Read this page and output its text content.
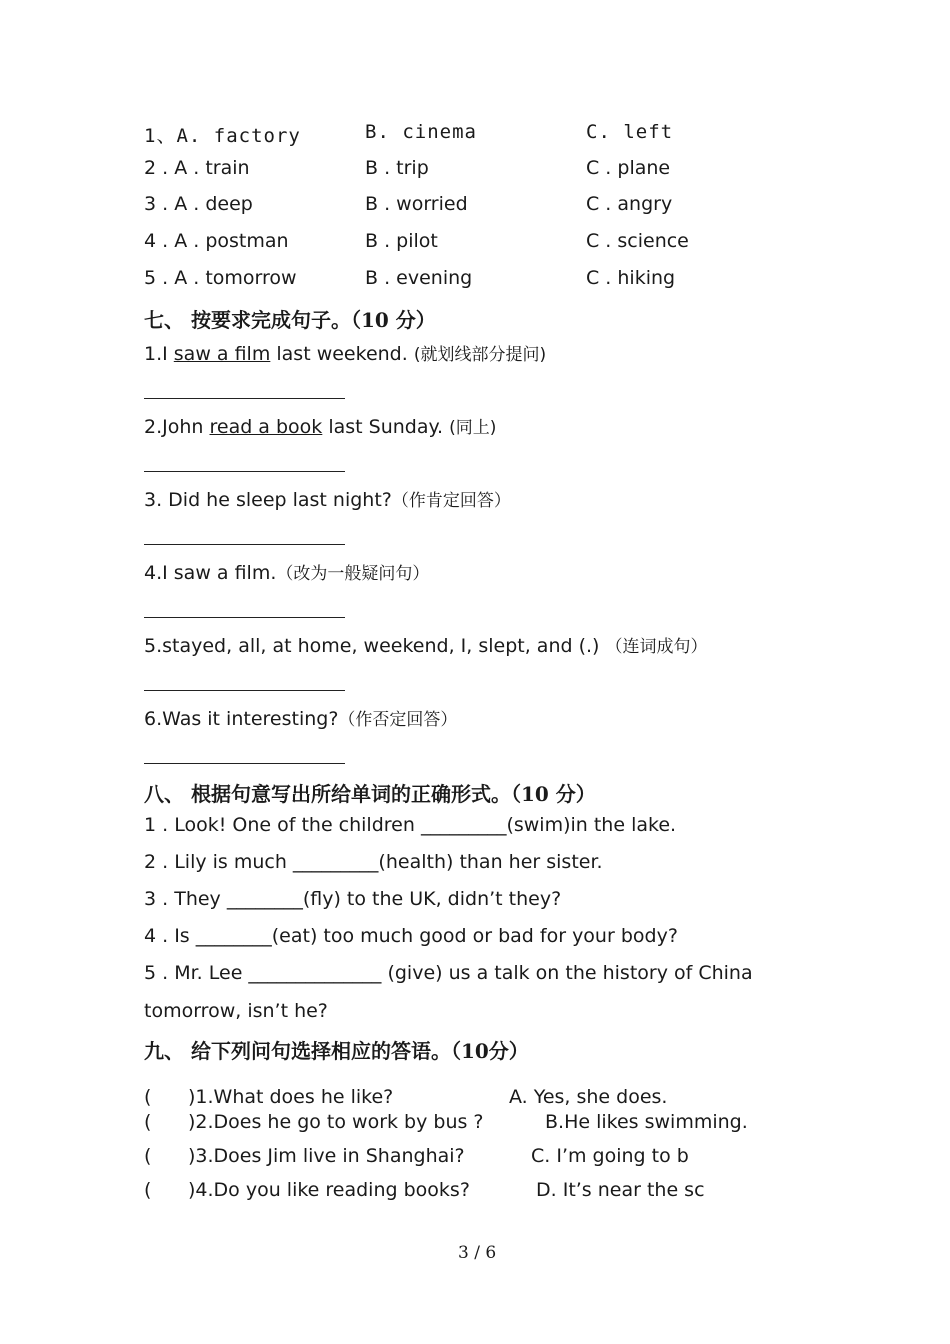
1、A. factory	B. cinema	C. left
2 . A . train	B . trip	C . plane
3 . A . deep	B . worried	C . angry
4 . A . postman	B . pilot	C . science
5 . A . tomorrow	B . evening	C . hiking
七、 按要求完成句子。（10 分）
1.I saw a film last weekend. (就划线部分提问)
2.John read a book last Sunday. (同上)
3. Did he sleep last night?（作肯定回答）
4.I saw a film.（改为一般疑问句）
5.stayed, all, at home, weekend, I, slept, and (.) （连词成句）
6.Was it interesting?（作否定回答）
八、 根据句意写出所给单词的正确形式。（10 分）
1 . Look! One of the children _________(swim)in the lake.
2 . Lily is much _________(health) than her sister.
3 . They ________(fly) to the UK, didn’t they?
4 . Is ________(eat) too much good or bad for your body?
5 . Mr. Lee ______________ (give) us a talk on the history of China
tomorrow, isn’t he?
九、 给下列问句选择相应的答语。（10分）
( )1.What does he like?	A. Yes, she does.
( )2.Does he go to work by bus ?	B.He likes swimming.
( )3.Does Jim live in Shanghai?	C. I’m going to b
( )4.Do you like reading books?	D. It’s near the sc
3 / 6
